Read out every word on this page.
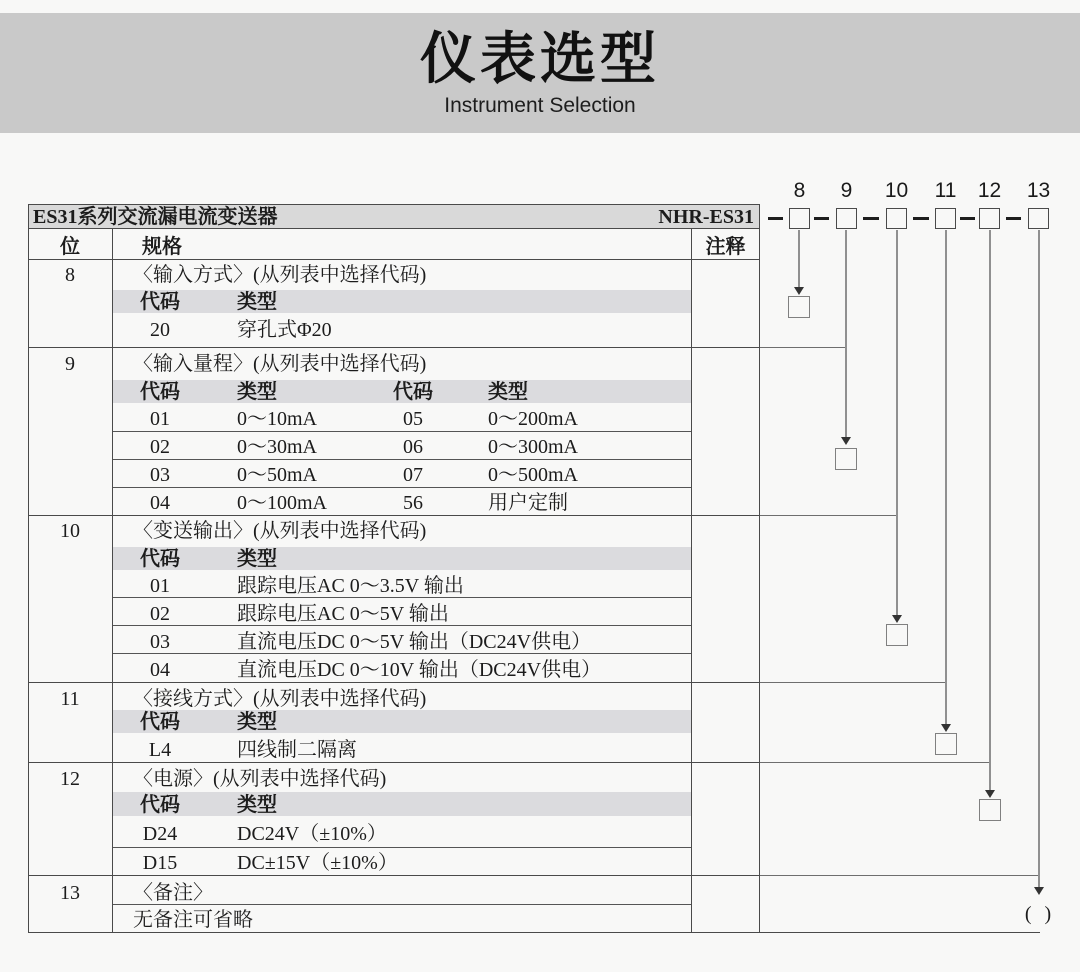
仪表选型
Instrument Selection
ES31系列交流漏电流变送器	NHR-ES31
位	规格	注释
8	〈输入方式〉(从列表中选择代码)
代码	类型
20	穿孔式Φ20
9	〈输入量程〉(从列表中选择代码)
代码	类型	代码	类型
01	0～10mA	05	0～200mA
02	0～30mA	06	0～300mA
03	0～50mA	07	0～500mA
04	0～100mA	56	用户定制
10	〈变送输出〉(从列表中选择代码)
代码	类型
01	跟踪电压AC 0～3.5V 输出
02	跟踪电压AC 0～5V 输出
03	直流电压DC 0～5V 输出（DC24V供电）
04	直流电压DC 0～10V 输出（DC24V供电）
11	〈接线方式〉(从列表中选择代码)
代码	类型
L4	四线制二隔离
12	〈电源〉(从列表中选择代码)
代码	类型
D24	DC24V（±10%）
D15	DC±15V（±10%）
13	〈备注〉
无备注可省略
8	9	10	11	12	13
( )
